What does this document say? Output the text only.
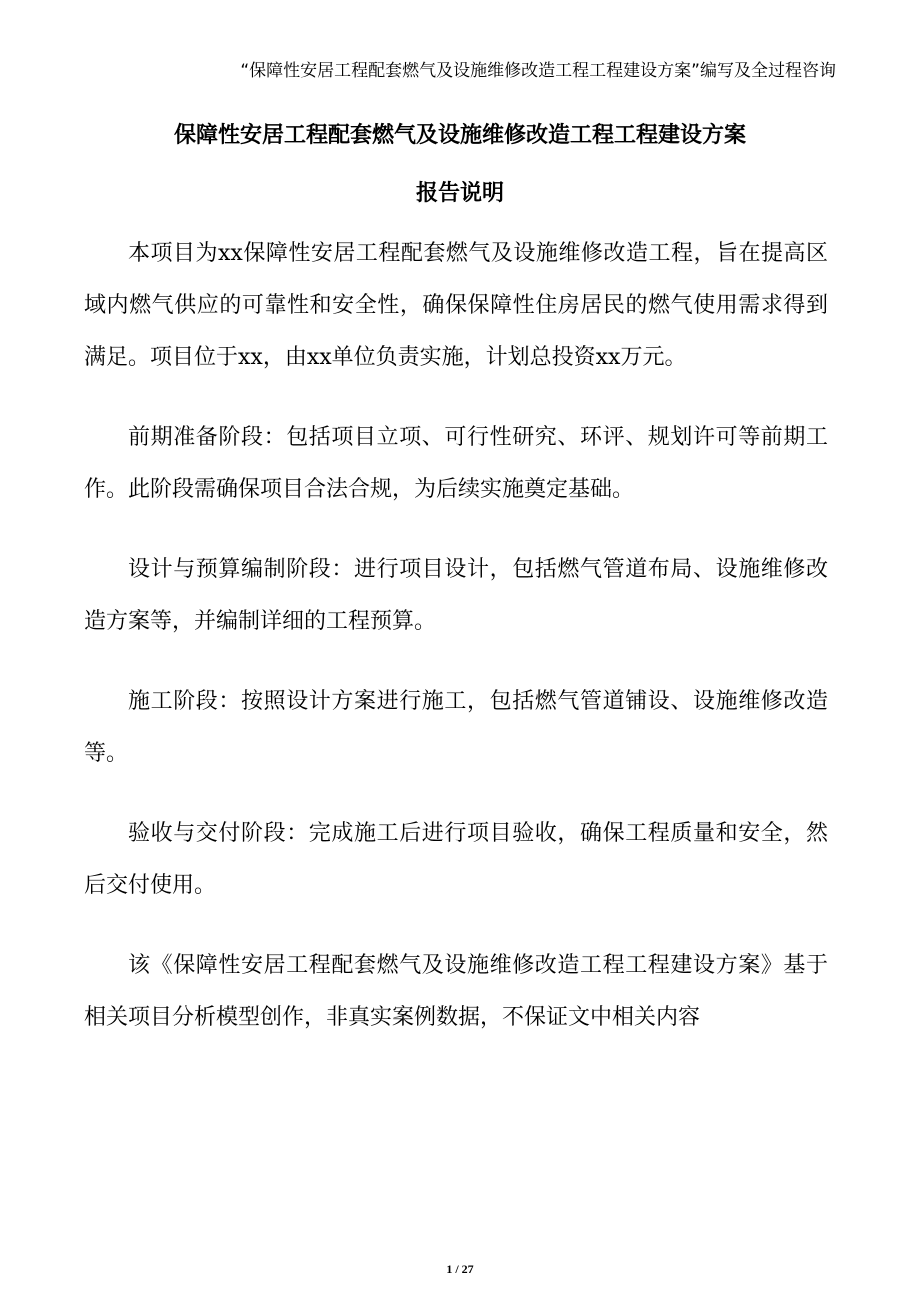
“保障性安居工程配套燃气及设施维修改造工程工程建设方案”编写及全过程咨询
保障性安居工程配套燃气及设施维修改造工程工程建设方案
报告说明

本项目为xx保障性安居工程配套燃气及设施维修改造工程，旨在提高区域内燃气供应的可靠性和安全性，确保保障性住房居民的燃气使用需求得到满足。项目位于xx，由xx单位负责实施，计划总投资xx万元。

前期准备阶段：包括项目立项、可行性研究、环评、规划许可等前期工作。此阶段需确保项目合法合规，为后续实施奠定基础。

设计与预算编制阶段：进行项目设计，包括燃气管道布局、设施维修改造方案等，并编制详细的工程预算。

施工阶段：按照设计方案进行施工，包括燃气管道铺设、设施维修改造等。

验收与交付阶段：完成施工后进行项目验收，确保工程质量和安全，然后交付使用。

该《保障性安居工程配套燃气及设施维修改造工程工程建设方案》基于相关项目分析模型创作，非真实案例数据，不保证文中相关内容

1 / 27
